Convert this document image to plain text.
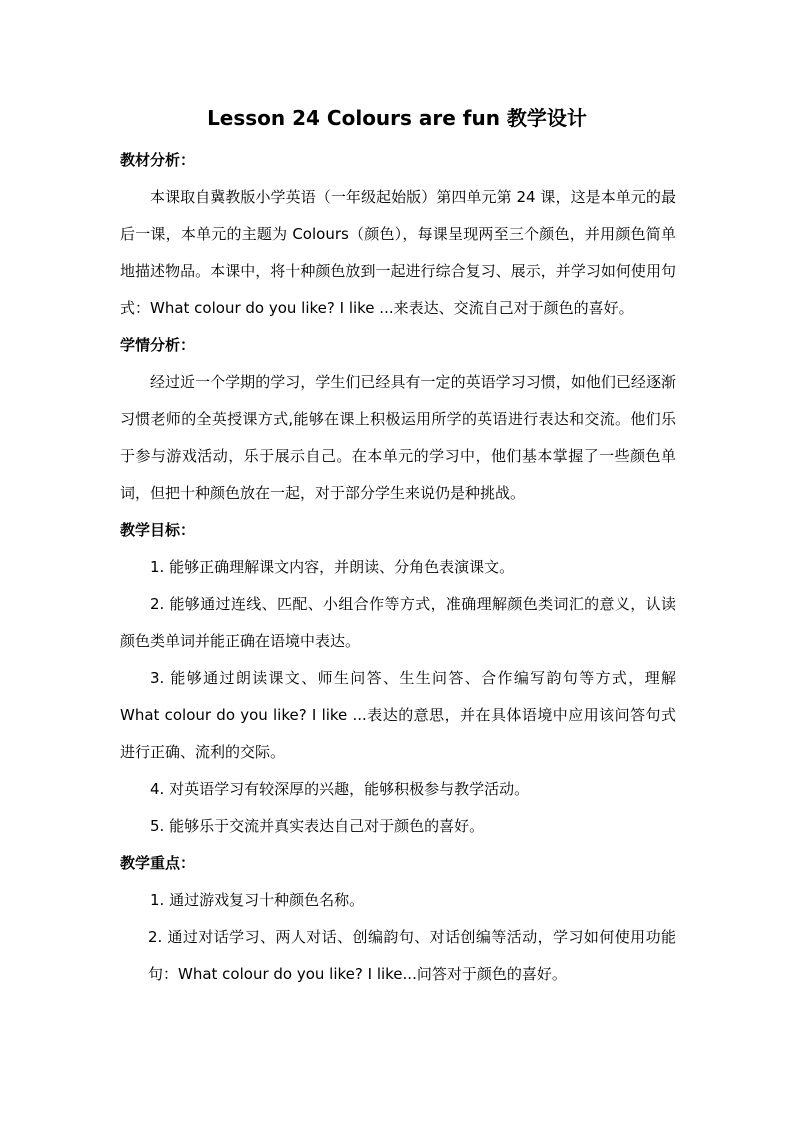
Lesson 24 Colours are fun 教学设计

教材分析：

本课取自冀教版小学英语（一年级起始版）第四单元第 24 课，这是本单元的最后一课，本单元的主题为 Colours（颜色），每课呈现两至三个颜色，并用颜色简单地描述物品。本课中，将十种颜色放到一起进行综合复习、展示，并学习如何使用句式：What colour do you like? I like ...来表达、交流自己对于颜色的喜好。

学情分析：

经过近一个学期的学习，学生们已经具有一定的英语学习习惯，如他们已经逐渐习惯老师的全英授课方式,能够在课上积极运用所学的英语进行表达和交流。他们乐于参与游戏活动，乐于展示自己。在本单元的学习中，他们基本掌握了一些颜色单词，但把十种颜色放在一起，对于部分学生来说仍是种挑战。

教学目标：

1. 能够正确理解课文内容，并朗读、分角色表演课文。

2. 能够通过连线、匹配、小组合作等方式，准确理解颜色类词汇的意义，认读颜色类单词并能正确在语境中表达。

3. 能够通过朗读课文、师生问答、生生问答、合作编写韵句等方式，理解 What colour do you like? I like ...表达的意思，并在具体语境中应用该问答句式进行正确、流利的交际。

4. 对英语学习有较深厚的兴趣，能够积极参与教学活动。

5. 能够乐于交流并真实表达自己对于颜色的喜好。

教学重点：

1. 通过游戏复习十种颜色名称。

2. 通过对话学习、两人对话、创编韵句、对话创编等活动，学习如何使用功能句：What colour do you like? I like...问答对于颜色的喜好。
